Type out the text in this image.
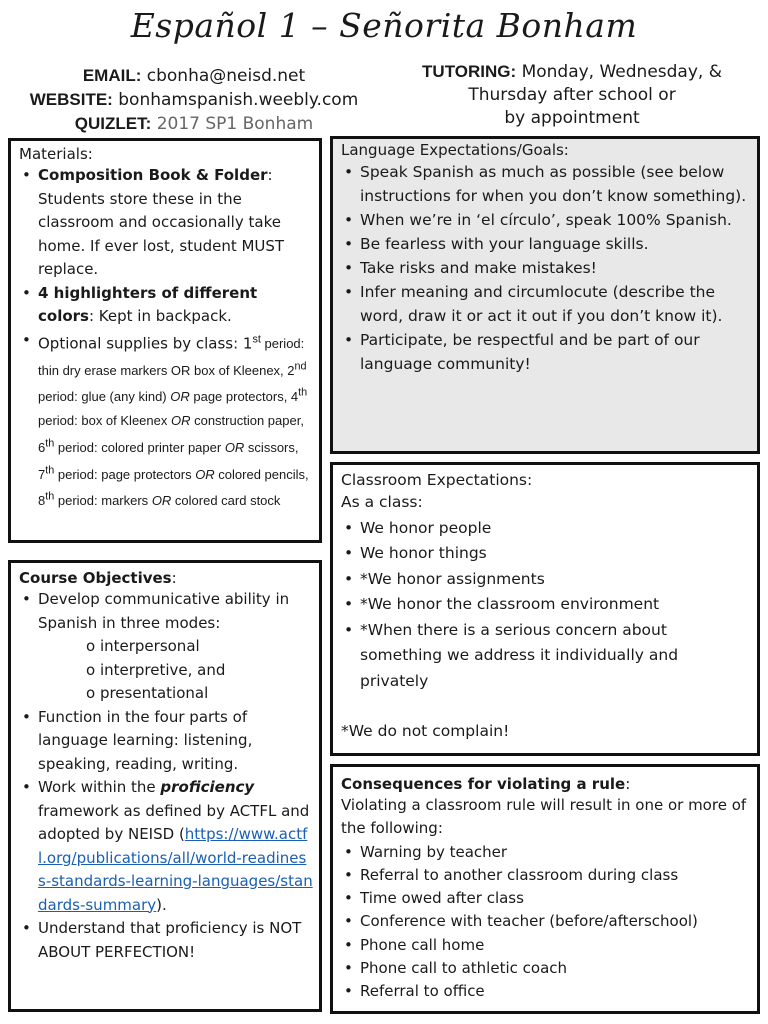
Español 1 – Señorita Bonham
EMAIL: cbonha@neisd.net
WEBSITE: bonhamspanish.weebly.com
QUIZLET: 2017 SP1 Bonham
TUTORING: Monday, Wednesday, &
Thursday after school or
by appointment
Materials:
• Composition Book & Folder: Students store these in the classroom and occasionally take home. If ever lost, student MUST replace.
• 4 highlighters of different colors: Kept in backpack.
• Optional supplies by class: 1st period: thin dry erase markers OR box of Kleenex, 2nd period: glue (any kind) OR page protectors, 4th period: box of Kleenex OR construction paper, 6th period: colored printer paper OR scissors, 7th period: page protectors OR colored pencils, 8th period: markers OR colored card stock
Language Expectations/Goals:
• Speak Spanish as much as possible (see below instructions for when you don’t know something).
• When we’re in ‘el círculo’, speak 100% Spanish.
• Be fearless with your language skills.
• Take risks and make mistakes!
• Infer meaning and circumlocute (describe the word, draw it or act it out if you don’t know it).
• Participate, be respectful and be part of our language community!
Classroom Expectations:
As a class:
• We honor people
• We honor things
• *We honor assignments
• *We honor the classroom environment
• *When there is a serious concern about something we address it individually and privately
*We do not complain!
Course Objectives:
• Develop communicative ability in Spanish in three modes:
o interpersonal
o interpretive, and
o presentational
• Function in the four parts of language learning: listening, speaking, reading, writing.
• Work within the proficiency framework as defined by ACTFL and adopted by NEISD (https://www.actfl.org/publications/all/world-readiness-standards-learning-languages/standards-summary).
• Understand that proficiency is NOT ABOUT PERFECTION!
Consequences for violating a rule:
Violating a classroom rule will result in one or more of the following:
• Warning by teacher
• Referral to another classroom during class
• Time owed after class
• Conference with teacher (before/afterschool)
• Phone call home
• Phone call to athletic coach
• Referral to office
